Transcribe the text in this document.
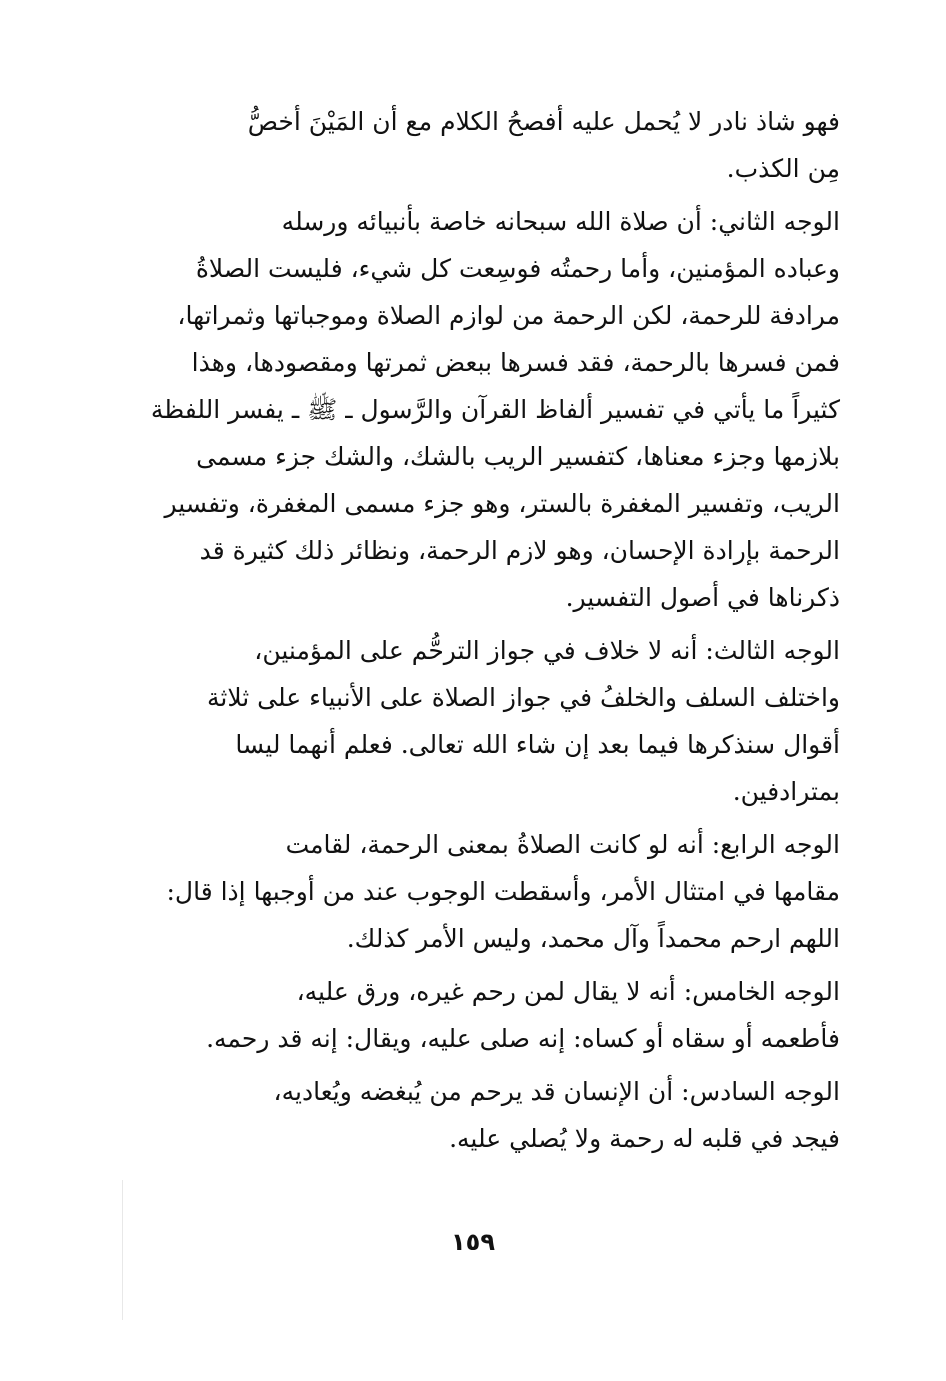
فهو شاذ نادر لا يُحمل عليه أفصحُ الكلام مع أن المَيْنَ أخصُّ
مِن الكذب.

الوجه الثاني: أن صلاة الله سبحانه خاصة بأنبيائه ورسله
وعباده المؤمنين، وأما رحمتُه فوسِعت كل شيء، فليست الصلاةُ
مرادفة للرحمة، لكن الرحمة من لوازم الصلاة وموجباتها وثمراتها،
فمن فسرها بالرحمة، فقد فسرها ببعض ثمرتها ومقصودها، وهذا
كثيراً ما يأتي في تفسير ألفاظ القرآن والرَّسول ـ ﷺ ـ يفسر اللفظة
بلازمها وجزء معناها، كتفسير الريب بالشك، والشك جزء مسمى
الريب، وتفسير المغفرة بالستر، وهو جزء مسمى المغفرة، وتفسير
الرحمة بإرادة الإحسان، وهو لازم الرحمة، ونظائر ذلك كثيرة قد
ذكرناها في أصول التفسير.

الوجه الثالث: أنه لا خلاف في جواز الترحُّم على المؤمنين،
واختلف السلف والخلفُ في جواز الصلاة على الأنبياء على ثلاثة
أقوال سنذكرها فيما بعد إن شاء الله تعالى. فعلم أنهما ليسا
بمترادفين.

الوجه الرابع: أنه لو كانت الصلاةُ بمعنى الرحمة، لقامت
مقامها في امتثال الأمر، وأسقطت الوجوب عند من أوجبها إذا قال:
اللهم ارحم محمداً وآل محمد، وليس الأمر كذلك.

الوجه الخامس: أنه لا يقال لمن رحم غيره، ورق عليه،
فأطعمه أو سقاه أو كساه: إنه صلى عليه، ويقال: إنه قد رحمه.

الوجه السادس: أن الإنسان قد يرحم من يُبغضه ويُعاديه،
فيجد في قلبه له رحمة ولا يُصلي عليه.

١٥٩
